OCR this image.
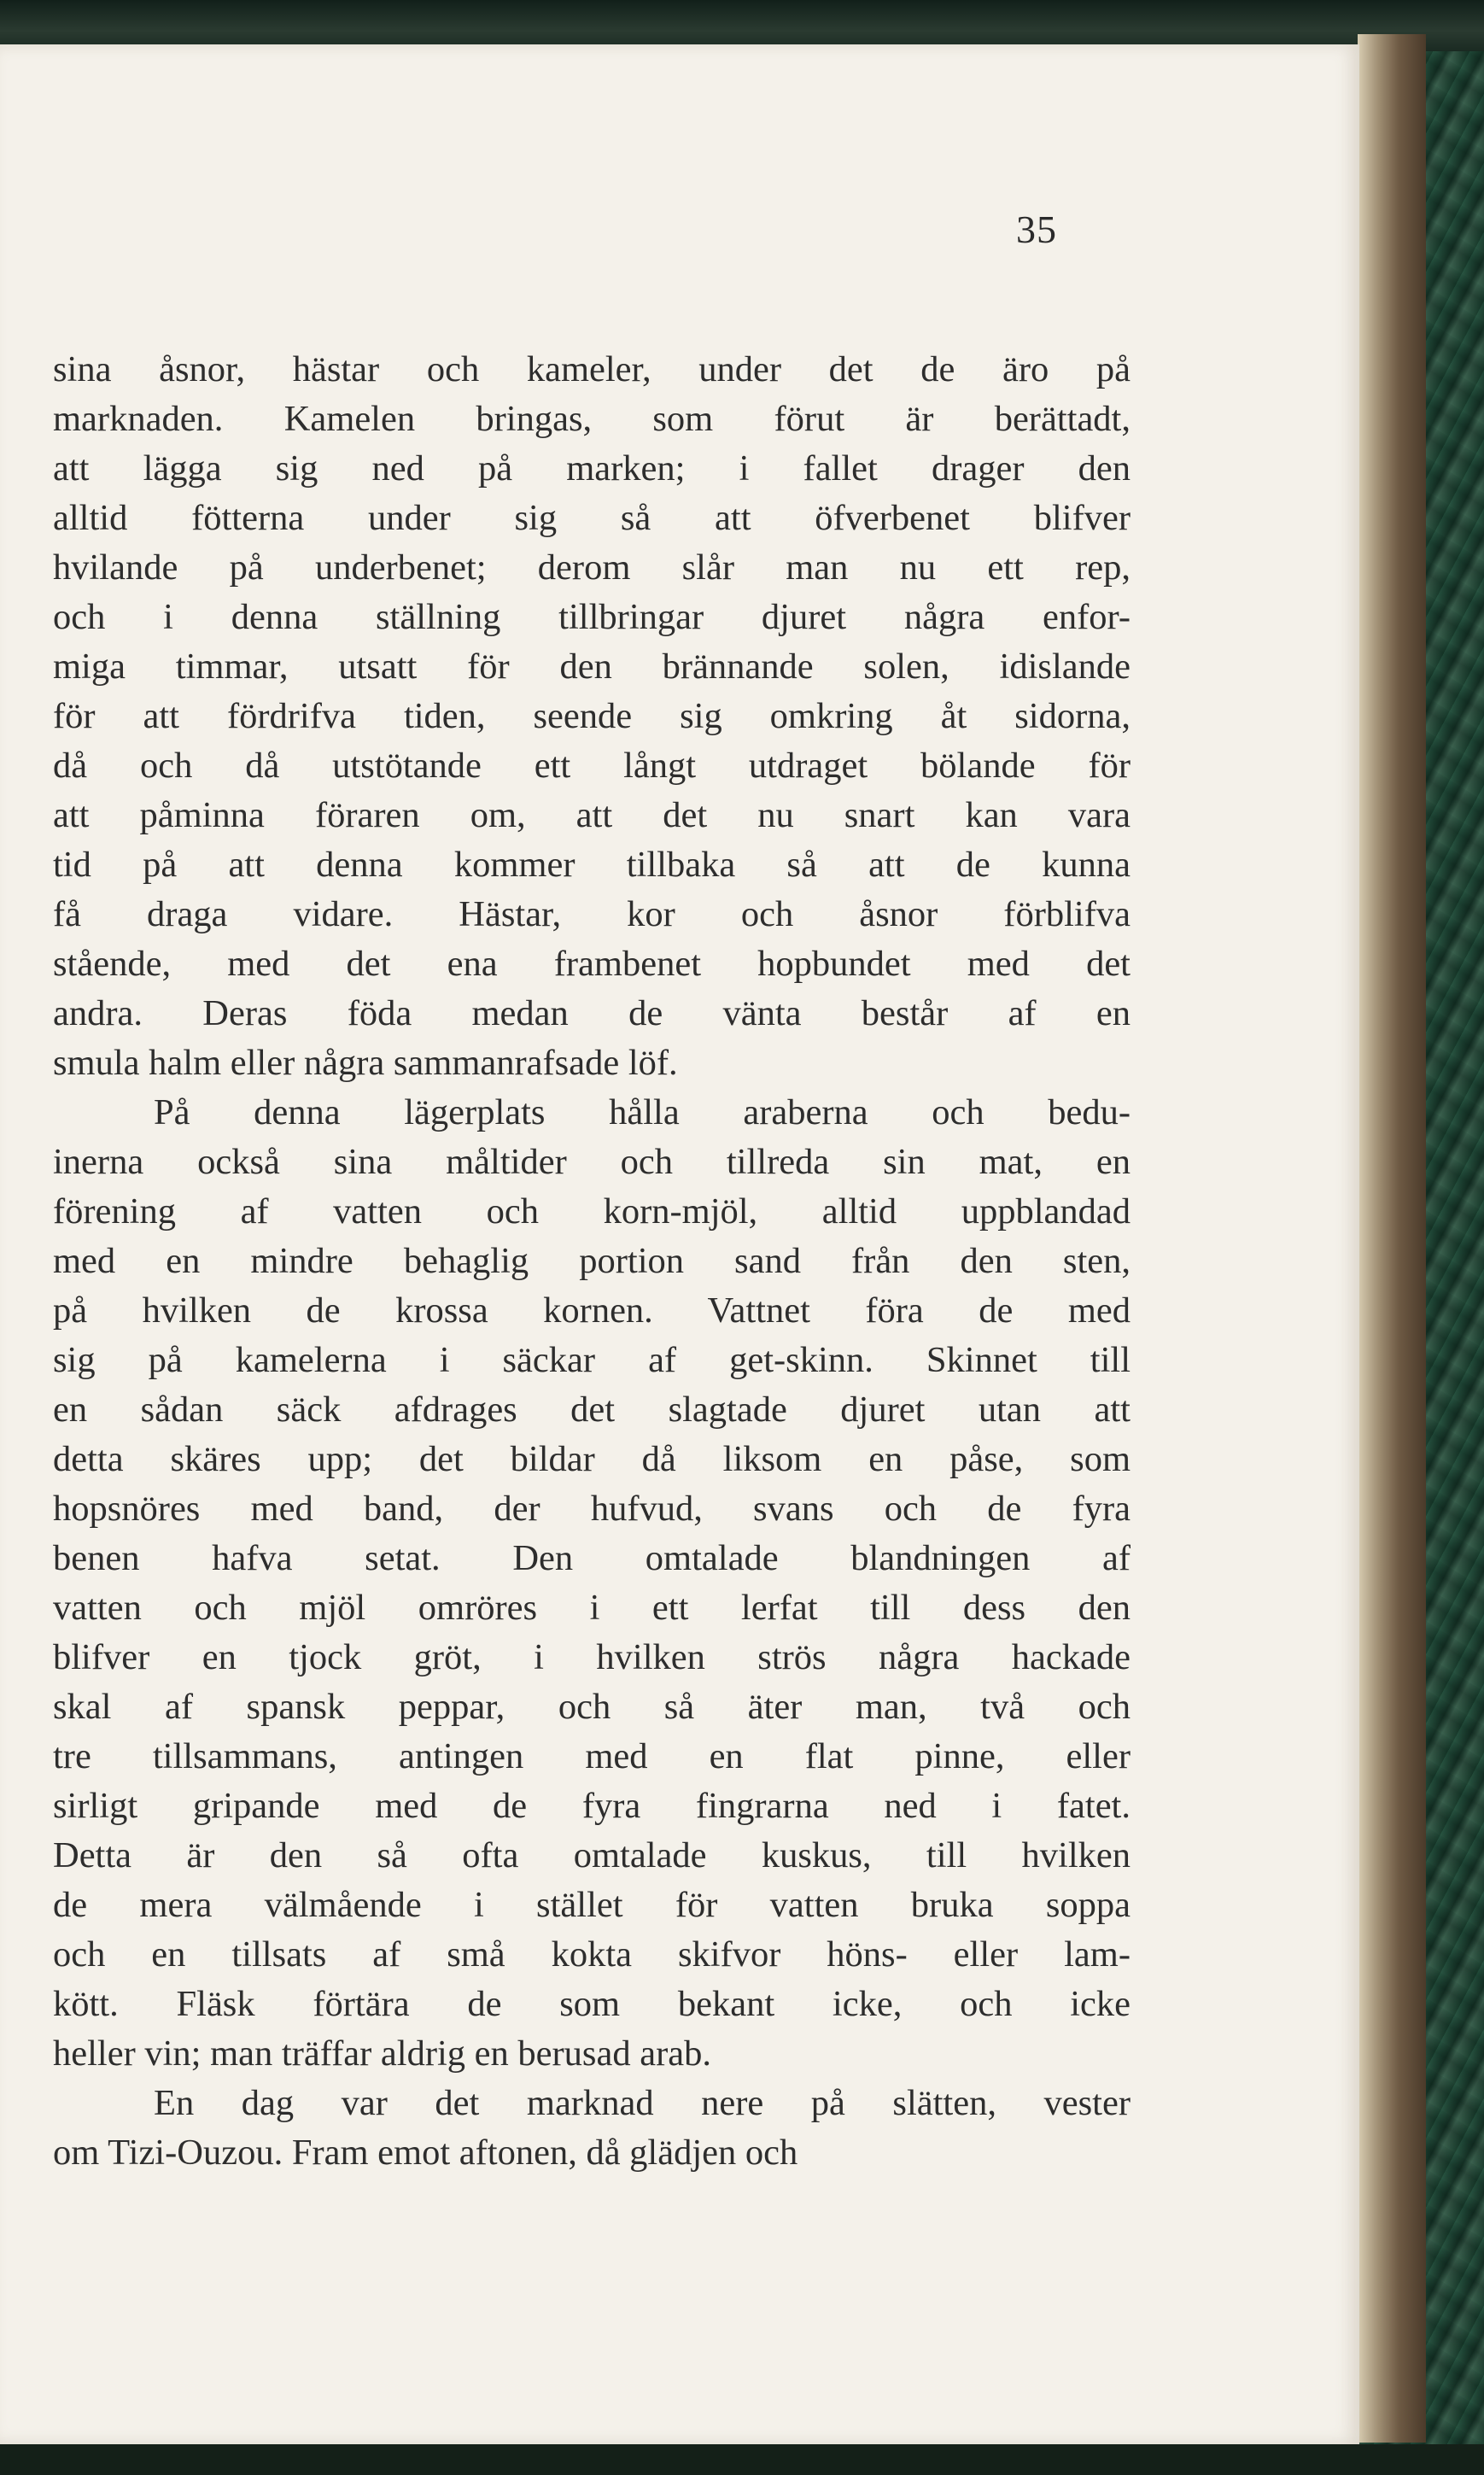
35
sina åsnor, hästar och kameler, under det de äro på
marknaden. Kamelen bringas, som förut är berättadt,
att lägga sig ned på marken; i fallet drager den
alltid fötterna under sig så att öfverbenet blifver
hvilande på underbenet; derom slår man nu ett rep,
och i denna ställning tillbringar djuret några enfor-
miga timmar, utsatt för den brännande solen, idislande
för att fördrifva tiden, seende sig omkring åt sidorna,
då och då utstötande ett långt utdraget bölande för
att påminna föraren om, att det nu snart kan vara
tid på att denna kommer tillbaka så att de kunna
få draga vidare. Hästar, kor och åsnor förblifva
stående, med det ena frambenet hopbundet med det
andra. Deras föda medan de vänta består af en
smula halm eller några sammanrafsade löf.
På denna lägerplats hålla araberna och bedu-
inerna också sina måltider och tillreda sin mat, en
förening af vatten och korn-mjöl, alltid uppblandad
med en mindre behaglig portion sand från den sten,
på hvilken de krossa kornen. Vattnet föra de med
sig på kamelerna i säckar af get-skinn. Skinnet till
en sådan säck afdrages det slagtade djuret utan att
detta skäres upp; det bildar då liksom en påse, som
hopsnöres med band, der hufvud, svans och de fyra
benen hafva setat. Den omtalade blandningen af
vatten och mjöl omröres i ett lerfat till dess den
blifver en tjock gröt, i hvilken strös några hackade
skal af spansk peppar, och så äter man, två och
tre tillsammans, antingen med en flat pinne, eller
sirligt gripande med de fyra fingrarna ned i fatet.
Detta är den så ofta omtalade kuskus, till hvilken
de mera välmående i stället för vatten bruka soppa
och en tillsats af små kokta skifvor höns- eller lam-
kött. Fläsk förtära de som bekant icke, och icke
heller vin; man träffar aldrig en berusad arab.
En dag var det marknad nere på slätten, vester
om Tizi-Ouzou. Fram emot aftonen, då glädjen och
